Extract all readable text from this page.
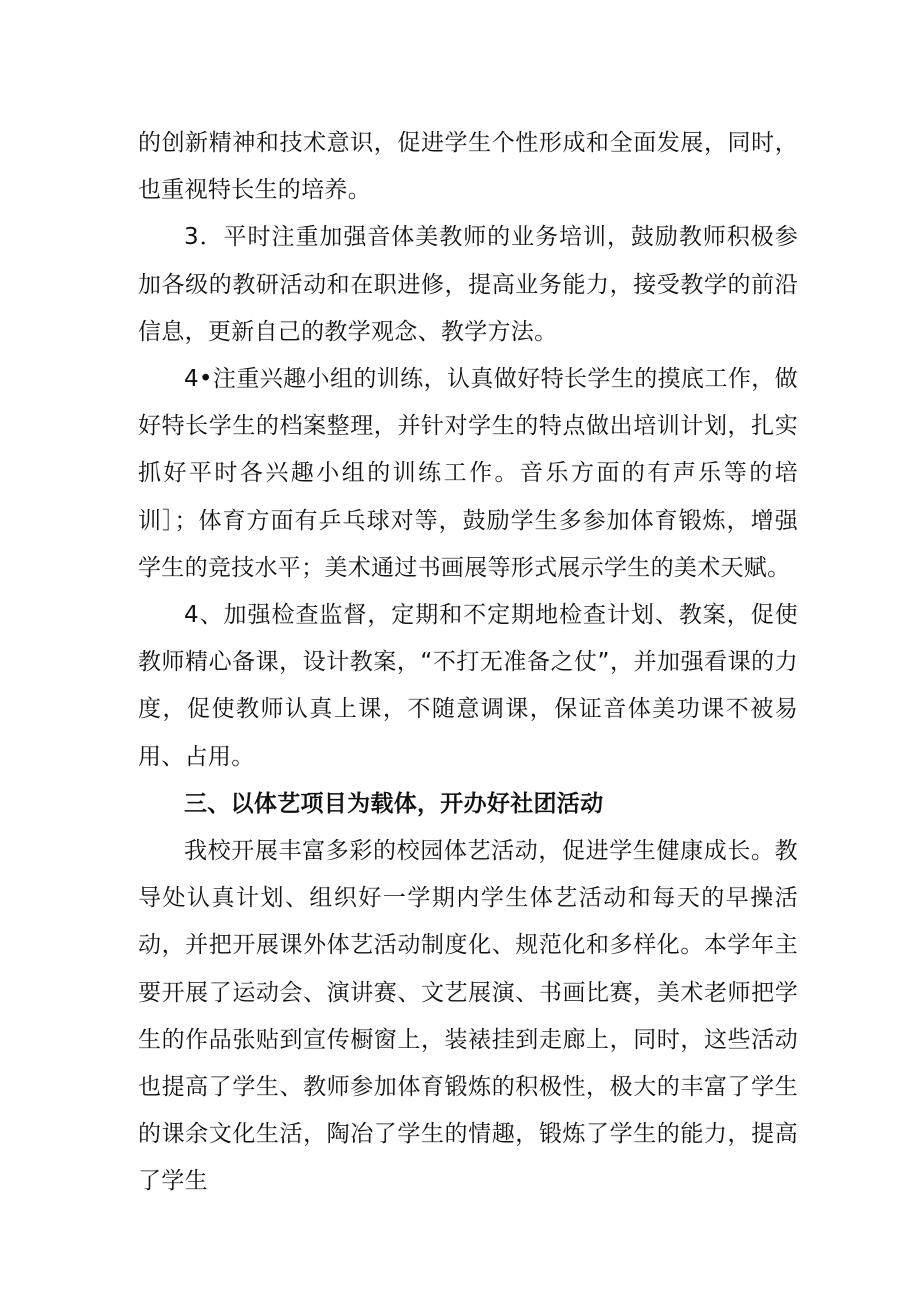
的创新精神和技术意识，促进学生个性形成和全面发展，同时，也重视特长生的培养。

3．平时注重加强音体美教师的业务培训，鼓励教师积极参加各级的教研活动和在职进修，提高业务能力，接受教学的前沿信息，更新自己的教学观念、教学方法。

4•注重兴趣小组的训练，认真做好特长学生的摸底工作，做好特长学生的档案整理，并针对学生的特点做出培训计划，扎实抓好平时各兴趣小组的训练工作。音乐方面的有声乐等的培训］；体育方面有乒乓球对等，鼓励学生多参加体育锻炼，增强学生的竞技水平；美术通过书画展等形式展示学生的美术天赋。

4、加强检查监督，定期和不定期地检查计划、教案，促使教师精心备课，设计教案，“不打无准备之仗”，并加强看课的力度，促使教师认真上课，不随意调课，保证音体美功课不被易用、占用。

三、以体艺项目为载体，开办好社团活动

我校开展丰富多彩的校园体艺活动，促进学生健康成长。教导处认真计划、组织好一学期内学生体艺活动和每天的早操活动，并把开展课外体艺活动制度化、规范化和多样化。本学年主要开展了运动会、演讲赛、文艺展演、书画比赛，美术老师把学生的作品张贴到宣传橱窗上，装裱挂到走廊上，同时，这些活动也提高了学生、教师参加体育锻炼的积极性，极大的丰富了学生的课余文化生活，陶冶了学生的情趣，锻炼了学生的能力，提高了学生
